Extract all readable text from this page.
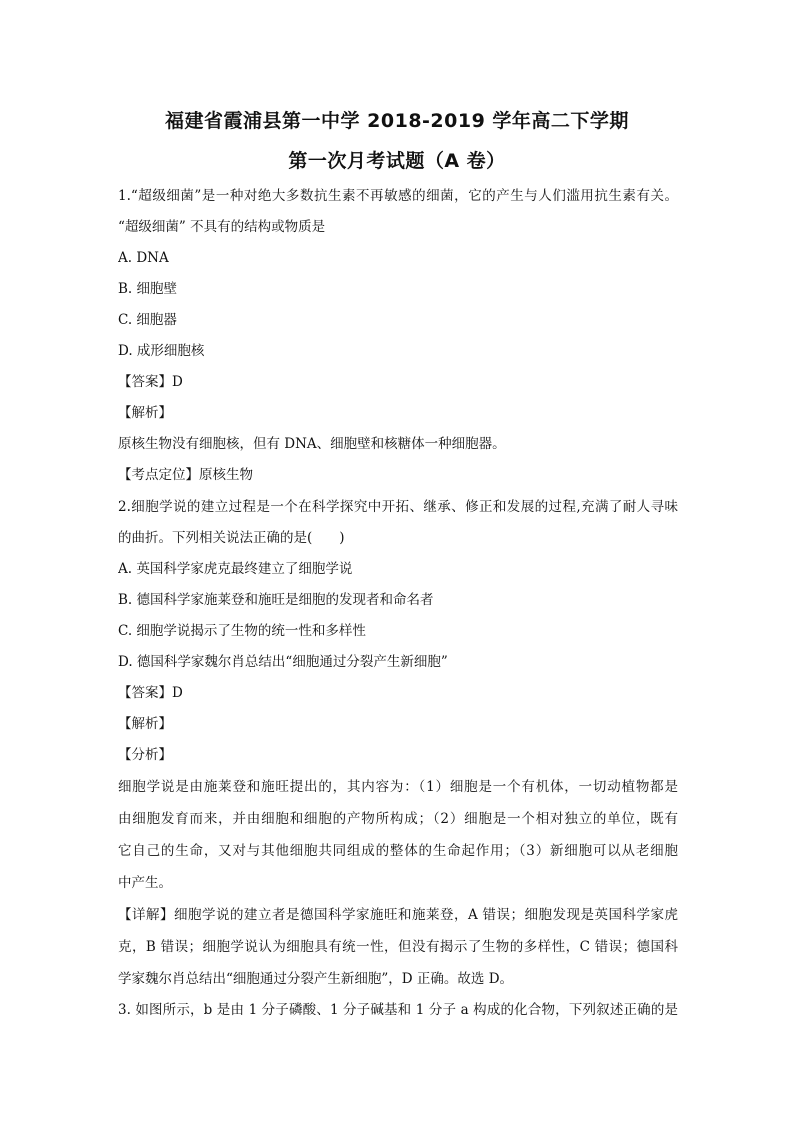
福建省霞浦县第一中学 2018-2019 学年高二下学期
第一次月考试题（A 卷）
1.“超级细菌”是一种对绝大多数抗生素不再敏感的细菌，它的产生与人们滥用抗生素有关。
“超级细菌” 不具有的结构或物质是
A. DNA
B. 细胞壁
C. 细胞器
D. 成形细胞核
【答案】D
【解析】
原核生物没有细胞核，但有 DNA、细胞壁和核糖体一种细胞器。
【考点定位】原核生物
2.细胞学说的建立过程是一个在科学探究中开拓、继承、修正和发展的过程,充满了耐人寻味
的曲折。下列相关说法正确的是(　　)
A. 英国科学家虎克最终建立了细胞学说
B. 德国科学家施莱登和施旺是细胞的发现者和命名者
C. 细胞学说揭示了生物的统一性和多样性
D. 德国科学家魏尔肖总结出“细胞通过分裂产生新细胞”
【答案】D
【解析】
【分析】
细胞学说是由施莱登和施旺提出的，其内容为：（1）细胞是一个有机体，一切动植物都是
由细胞发育而来，并由细胞和细胞的产物所构成；（2）细胞是一个相对独立的单位，既有
它自己的生命，又对与其他细胞共同组成的整体的生命起作用；（3）新细胞可以从老细胞
中产生。
【详解】细胞学说的建立者是德国科学家施旺和施莱登，A 错误；细胞发现是英国科学家虎
克，B 错误；细胞学说认为细胞具有统一性，但没有揭示了生物的多样性，C 错误；德国科
学家魏尔肖总结出“细胞通过分裂产生新细胞”，D 正确。故选 D。
3. 如图所示，b 是由 1 分子磷酸、1 分子碱基和 1 分子 a 构成的化合物，下列叙述正确的是
